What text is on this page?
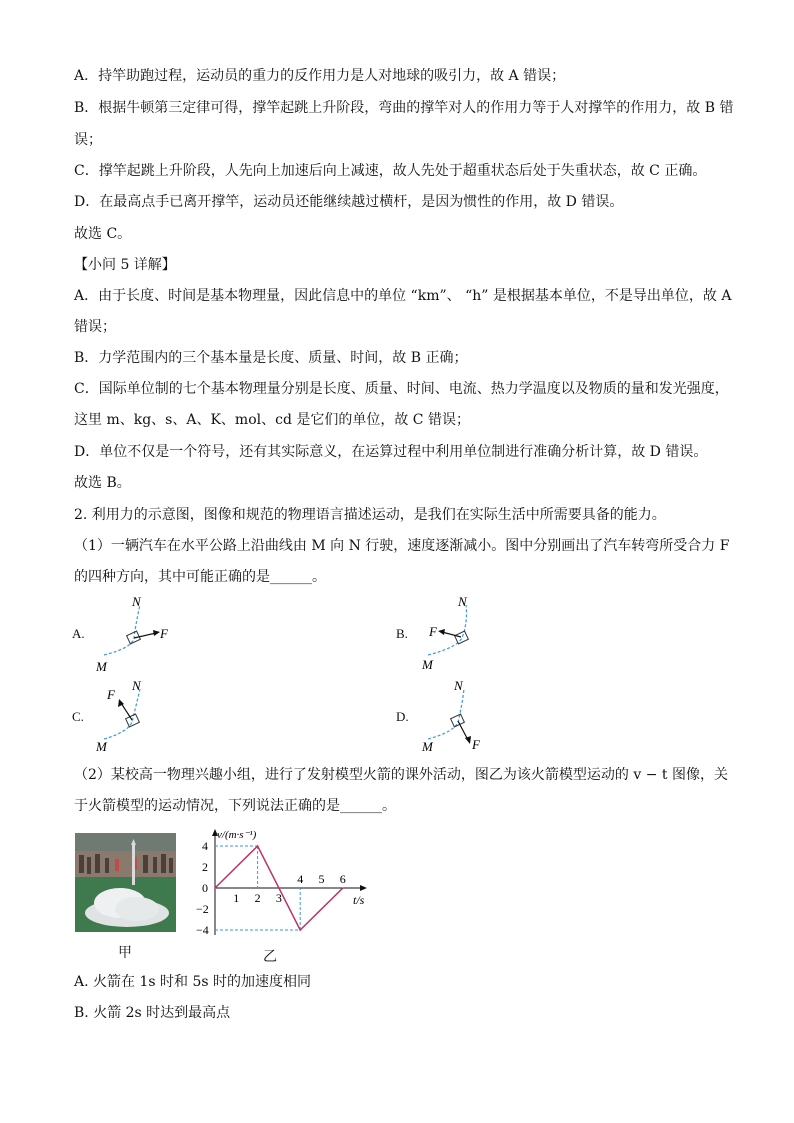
A．持竿助跑过程，运动员的重力的反作用力是人对地球的吸引力，故 A 错误；
B．根据牛顿第三定律可得，撑竿起跳上升阶段，弯曲的撑竿对人的作用力等于人对撑竿的作用力，故 B 错
误；
C．撑竿起跳上升阶段，人先向上加速后向上减速，故人先处于超重状态后处于失重状态，故 C 正确。
D．在最高点手已离开撑竿，运动员还能继续越过横杆，是因为惯性的作用，故 D 错误。
故选 C。
【小问 5 详解】
A．由于长度、时间是基本物理量，因此信息中的单位 “km”、 “h” 是根据基本单位，不是导出单位，故 A
错误；
B．力学范围内的三个基本量是长度、质量、时间，故 B 正确；
C．国际单位制的七个基本物理量分别是长度、质量、时间、电流、热力学温度以及物质的量和发光强度，
这里 m、kg、s、A、K、mol、cd 是它们的单位，故 C 错误；
D．单位不仅是一个符号，还有其实际意义，在运算过程中利用单位制进行准确分析计算，故 D 错误。
故选 B。
2. 利用力的示意图，图像和规范的物理语言描述运动，是我们在实际生活中所需要具备的能力。
（1）一辆汽车在水平公路上沿曲线由 M 向 N 行驶，速度逐渐减小。图中分别画出了汽车转弯所受合力 F
的四种方向，其中可能正确的是______。
A.
N
F
M
B.
N
F
M
C.
N
F
M
D.
N
F
M
（2）某校高一物理兴趣小组，进行了发射模型火箭的课外活动，图乙为该火箭模型运动的 v − t 图像，关
于火箭模型的运动情况，下列说法正确的是______。
甲
v/(m·s⁻¹)
t/s
4
2
0
−2
−4
1 2 3
4 5 6
乙
A. 火箭在 1s 时和 5s 时的加速度相同
B. 火箭 2s 时达到最高点
